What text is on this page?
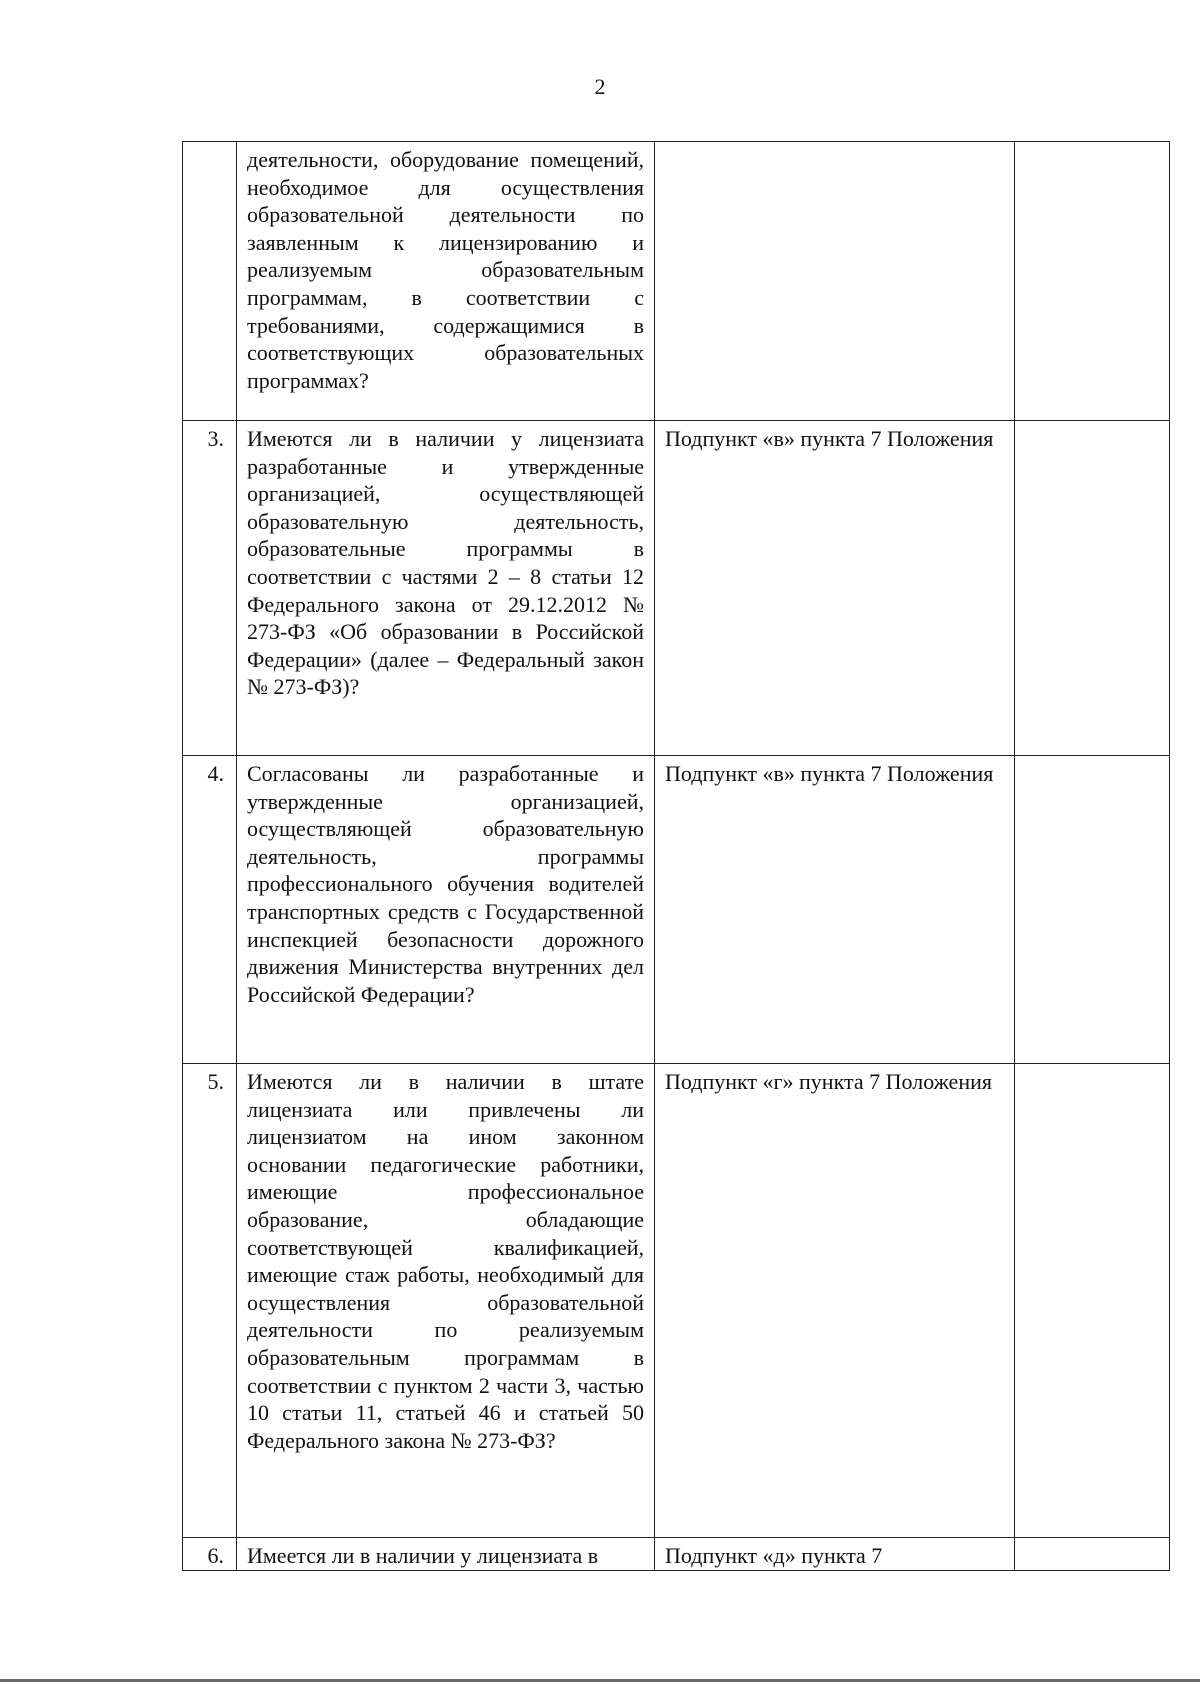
2

	деятельности, оборудование помещений, необходимое для осуществления образовательной деятельности по заявленным к лицензированию и реализуемым образовательным программам, в соответствии с требованиями, содержащимися в соответствующих образовательных программах?		

3.	Имеются ли в наличии у лицензиата разработанные и утвержденные организацией, осуществляющей образовательную деятельность, образовательные программы в соответствии с частями 2 – 8 статьи 12 Федерального закона от 29.12.2012 № 273-ФЗ «Об образовании в Российской Федерации» (далее – Федеральный закон № 273-ФЗ)?	Подпункт «в» пункта 7 Положения	

4.	Согласованы ли разработанные и утвержденные организацией, осуществляющей образовательную деятельность, программы профессионального обучения водителей транспортных средств с Государственной инспекцией безопасности дорожного движения Министерства внутренних дел Российской Федерации?	Подпункт «в» пункта 7 Положения	

5.	Имеются ли в наличии в штате лицензиата или привлечены ли лицензиатом на ином законном основании педагогические работники, имеющие профессиональное образование, обладающие соответствующей квалификацией, имеющие стаж работы, необходимый для осуществления образовательной деятельности по реализуемым образовательным программам в соответствии с пунктом 2 части 3, частью 10 статьи 11, статьей 46 и статьей 50 Федерального закона № 273-ФЗ?	Подпункт «г» пункта 7 Положения	

6.	Имеется ли в наличии у лицензиата в	Подпункт «д» пункта 7	
